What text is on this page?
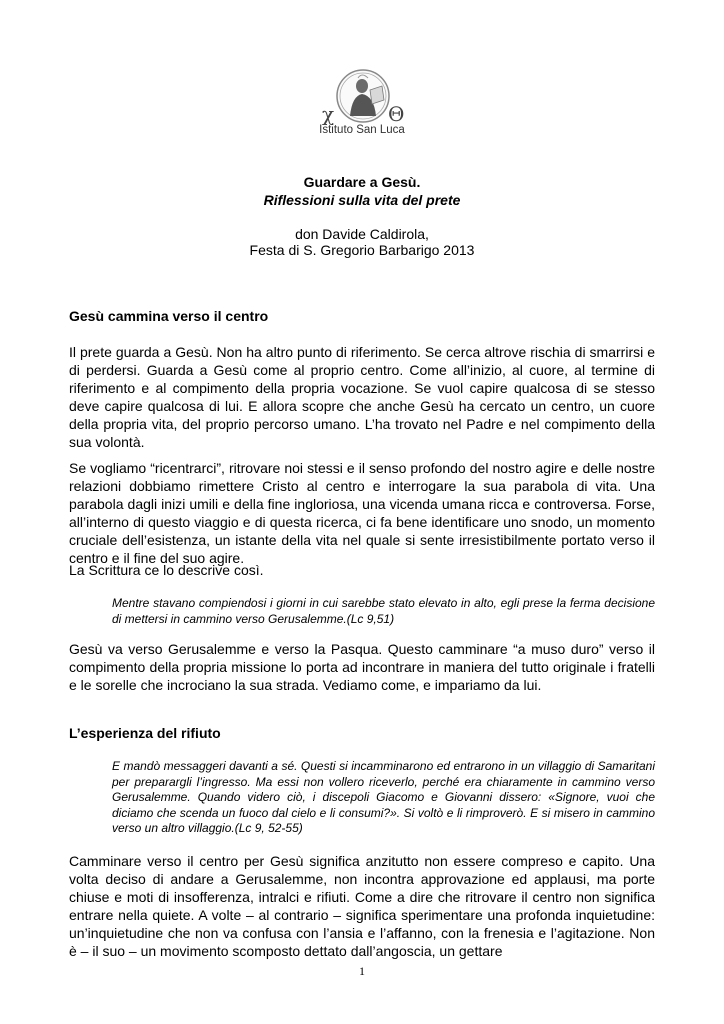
χ	Θ
Istituto San Luca
Guardare a Gesù.
Riflessioni sulla vita del prete
don Davide Caldirola,
Festa di S. Gregorio Barbarigo 2013
Gesù cammina verso il centro
Il prete guarda a Gesù. Non ha altro punto di riferimento. Se cerca altrove rischia di smarrirsi e di perdersi. Guarda a Gesù come al proprio centro. Come all’inizio, al cuore, al termine di riferimento e al compimento della propria vocazione. Se vuol capire qualcosa di se stesso deve capire qualcosa di lui. E allora scopre che anche Gesù ha cercato un centro, un cuore della propria vita, del proprio percorso umano. L’ha trovato nel Padre e nel compimento della sua volontà.
Se vogliamo “ricentrarci”, ritrovare noi stessi e il senso profondo del nostro agire e delle nostre relazioni dobbiamo rimettere Cristo al centro e interrogare la sua parabola di vita. Una parabola dagli inizi umili e della fine ingloriosa, una vicenda umana ricca e controversa. Forse, all’interno di questo viaggio e di questa ricerca, ci fa bene identificare uno snodo, un momento cruciale dell’esistenza, un istante della vita nel quale si sente irresistibilmente portato verso il centro e il fine del suo agire.
La Scrittura ce lo descrive così.
Mentre stavano compiendosi i giorni in cui sarebbe stato elevato in alto, egli prese la ferma decisione di mettersi in cammino verso Gerusalemme.(Lc 9,51)
Gesù va verso Gerusalemme e verso la Pasqua. Questo camminare “a muso duro” verso il compimento della propria missione lo porta ad incontrare in maniera del tutto originale i fratelli e le sorelle che incrociano la sua strada. Vediamo come, e impariamo da lui.
L’esperienza del rifiuto
E mandò messaggeri davanti a sé. Questi si incamminarono ed entrarono in un villaggio di Samaritani per preparargli l’ingresso. Ma essi non vollero riceverlo, perché era chiaramente in cammino verso Gerusalemme. Quando videro ciò, i discepoli Giacomo e Giovanni dissero: «Signore, vuoi che diciamo che scenda un fuoco dal cielo e li consumi?». Si voltò e li rimproverò. E si misero in cammino verso un altro villaggio.(Lc 9, 52-55)
Camminare verso il centro per Gesù significa anzitutto non essere compreso e capito. Una volta deciso di andare a Gerusalemme, non incontra approvazione ed applausi, ma porte chiuse e moti di insofferenza, intralci e rifiuti. Come a dire che ritrovare il centro non significa entrare nella quiete. A volte – al contrario – significa sperimentare una profonda inquietudine: un’inquietudine che non va confusa con l’ansia e l’affanno, con la frenesia e l’agitazione. Non è – il suo – un movimento scomposto dettato dall’angoscia, un gettare
1
